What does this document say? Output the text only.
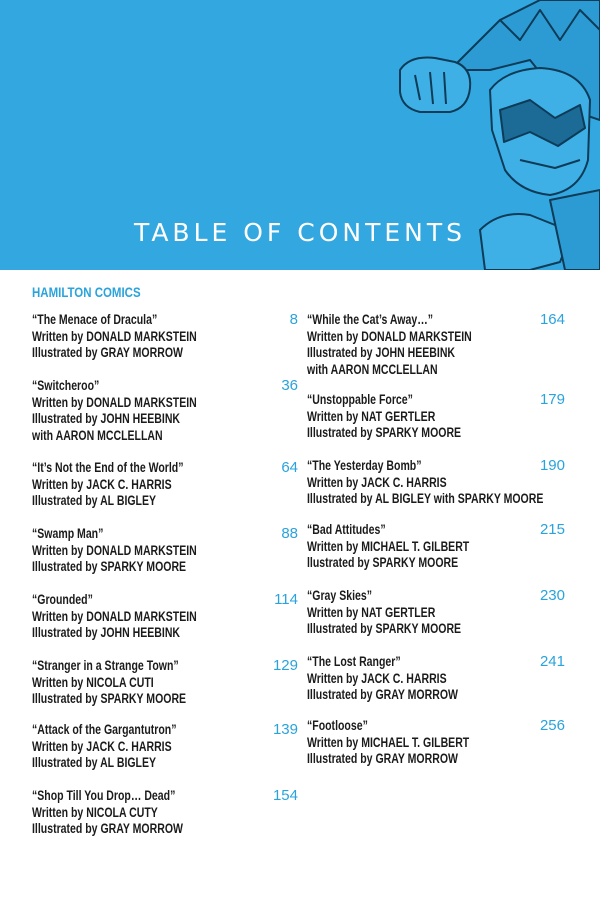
TABLE OF CONTENTS
HAMILTON COMICS
“The Menace of Dracula”
Written by DONALD MARKSTEIN
Illustrated by GRAY MORROW
8
“Switcheroo”
Written by DONALD MARKSTEIN
Illustrated by JOHN HEEBINK
with AARON MCCLELLAN
36
“It’s Not the End of the World”
Written by JACK C. HARRIS
Illustrated by AL BIGLEY
64
“Swamp Man”
Written by DONALD MARKSTEIN
Illustrated by SPARKY MOORE
88
“Grounded”
Written by DONALD MARKSTEIN
Illustrated by JOHN HEEBINK
114
“Stranger in a Strange Town”
Written by NICOLA CUTI
Illustrated by SPARKY MOORE
129
“Attack of the Gargantutron”
Written by JACK C. HARRIS
Illustrated by AL BIGLEY
139
“Shop Till You Drop… Dead”
Written by NICOLA CUTY
Illustrated by GRAY MORROW
154
“While the Cat’s Away…”
Written by DONALD MARKSTEIN
Illustrated by JOHN HEEBINK
with AARON MCCLELLAN
164
“Unstoppable Force”
Written by NAT GERTLER
Illustrated by SPARKY MOORE
179
“The Yesterday Bomb”
Written by JACK C. HARRIS
Illustrated by AL BIGLEY with SPARKY MOORE
190
“Bad Attitudes”
Written by MICHAEL T. GILBERT
llustrated by SPARKY MOORE
215
“Gray Skies”
Written by NAT GERTLER
Illustrated by SPARKY MOORE
230
“The Lost Ranger”
Written by JACK C. HARRIS
Illustrated by GRAY MORROW
241
“Footloose”
Written by MICHAEL T. GILBERT
Illustrated by GRAY MORROW
256
